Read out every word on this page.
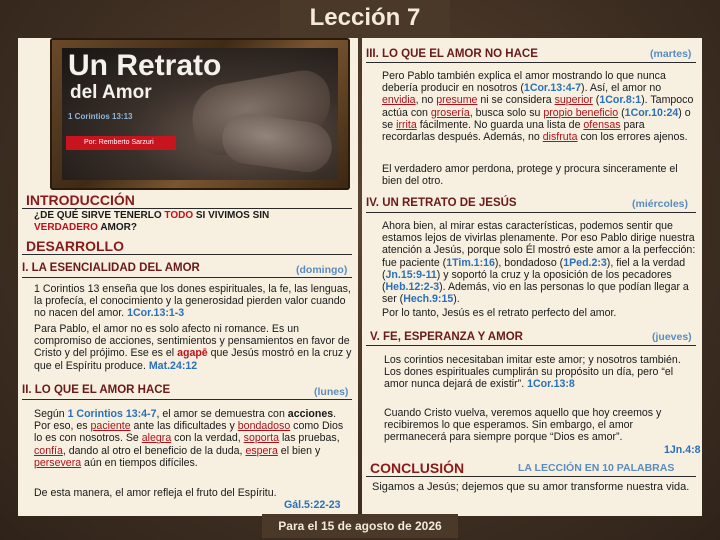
Lección 7
Un Retrato
del Amor
1 Corintios 13:13
Por: Remberto Sarzuri
INTRODUCCIÓN
¿DE QUÉ SIRVE TENERLO TODO SI VIVIMOS SIN
VERDADERO AMOR?
DESARROLLO
I. LA ESENCIALIDAD DEL AMOR	(domingo)
1 Corintios 13 enseña que los dones espirituales, la fe, las lenguas, la profecía, el conocimiento y la generosidad pierden valor cuando no nacen del amor. 1Cor.13:1-3
Para Pablo, el amor no es solo afecto ni romance. Es un compromiso de acciones, sentimientos y pensamientos en favor de Cristo y del prójimo. Ese es el agapē que Jesús mostró en la cruz y que el Espíritu produce. Mat.24:12
II. LO QUE EL AMOR HACE	(lunes)
Según 1 Corintios 13:4-7, el amor se demuestra con acciones. Por eso, es paciente ante las dificultades y bondadoso como Dios lo es con nosotros. Se alegra con la verdad, soporta las pruebas, confía, dando al otro el beneficio de la duda, espera el bien y persevera aún en tiempos difíciles.
De esta manera, el amor refleja el fruto del Espíritu.
Gál.5:22-23
III. LO QUE EL AMOR NO HACE	(martes)
Pero Pablo también explica el amor mostrando lo que nunca debería producir en nosotros (1Cor.13:4-7). Así, el amor no envidia, no presume ni se considera superior (1Cor.8:1). Tampoco actúa con grosería, busca solo su propio beneficio (1Cor.10:24) o se irrita fácilmente. No guarda una lista de ofensas para recordarlas después. Además, no disfruta con los errores ajenos.
El verdadero amor perdona, protege y procura sinceramente el bien del otro.
IV. UN RETRATO DE JESÚS	(miércoles)
Ahora bien, al mirar estas características, podemos sentir que estamos lejos de vivirlas plenamente. Por eso Pablo dirige nuestra atención a Jesús, porque solo Él mostró este amor a la perfección: fue paciente (1Tim.1:16), bondadoso (1Ped.2:3), fiel a la verdad (Jn.15:9-11) y soportó la cruz y la oposición de los pecadores (Heb.12:2-3). Además, vio en las personas lo que podían llegar a ser (Hech.9:15).
Por lo tanto, Jesús es el retrato perfecto del amor.
V. FE, ESPERANZA Y AMOR	(jueves)
Los corintios necesitaban imitar este amor; y nosotros también. Los dones espirituales cumplirán su propósito un día, pero “el amor nunca dejará de existir”. 1Cor.13:8
Cuando Cristo vuelva, veremos aquello que hoy creemos y recibiremos lo que esperamos. Sin embargo, el amor permanecerá para siempre porque “Dios es amor”.
1Jn.4:8
CONCLUSIÓN	LA LECCIÓN EN 10 PALABRAS
Sigamos a Jesús; dejemos que su amor transforme nuestra vida.
Para el 15 de agosto de 2026
